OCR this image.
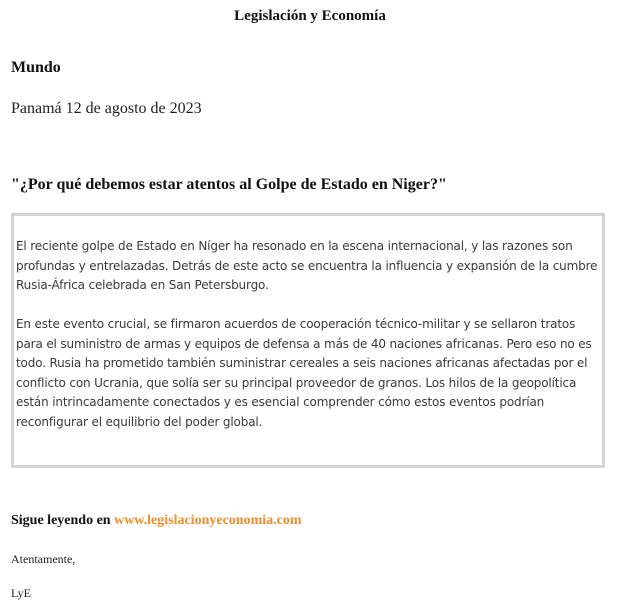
Legislación y Economía
Mundo
Panamá 12 de agosto de 2023
"¿Por qué debemos estar atentos al Golpe de Estado en Niger?"

El reciente golpe de Estado en Níger ha resonado en la escena internacional, y las razones son profundas y entrelazadas. Detrás de este acto se encuentra la influencia y expansión de la cumbre Rusia-África celebrada en San Petersburgo.

En este evento crucial, se firmaron acuerdos de cooperación técnico-militar y se sellaron tratos para el suministro de armas y equipos de defensa a más de 40 naciones africanas. Pero eso no es todo. Rusia ha prometido también suministrar cereales a seis naciones africanas afectadas por el conflicto con Ucrania, que solía ser su principal proveedor de granos. Los hilos de la geopolítica están intrincadamente conectados y es esencial comprender cómo estos eventos podrían reconfigurar el equilibrio del poder global.

Sigue leyendo en www.legislacionyeconomia.com
Atentamente,
LyE
